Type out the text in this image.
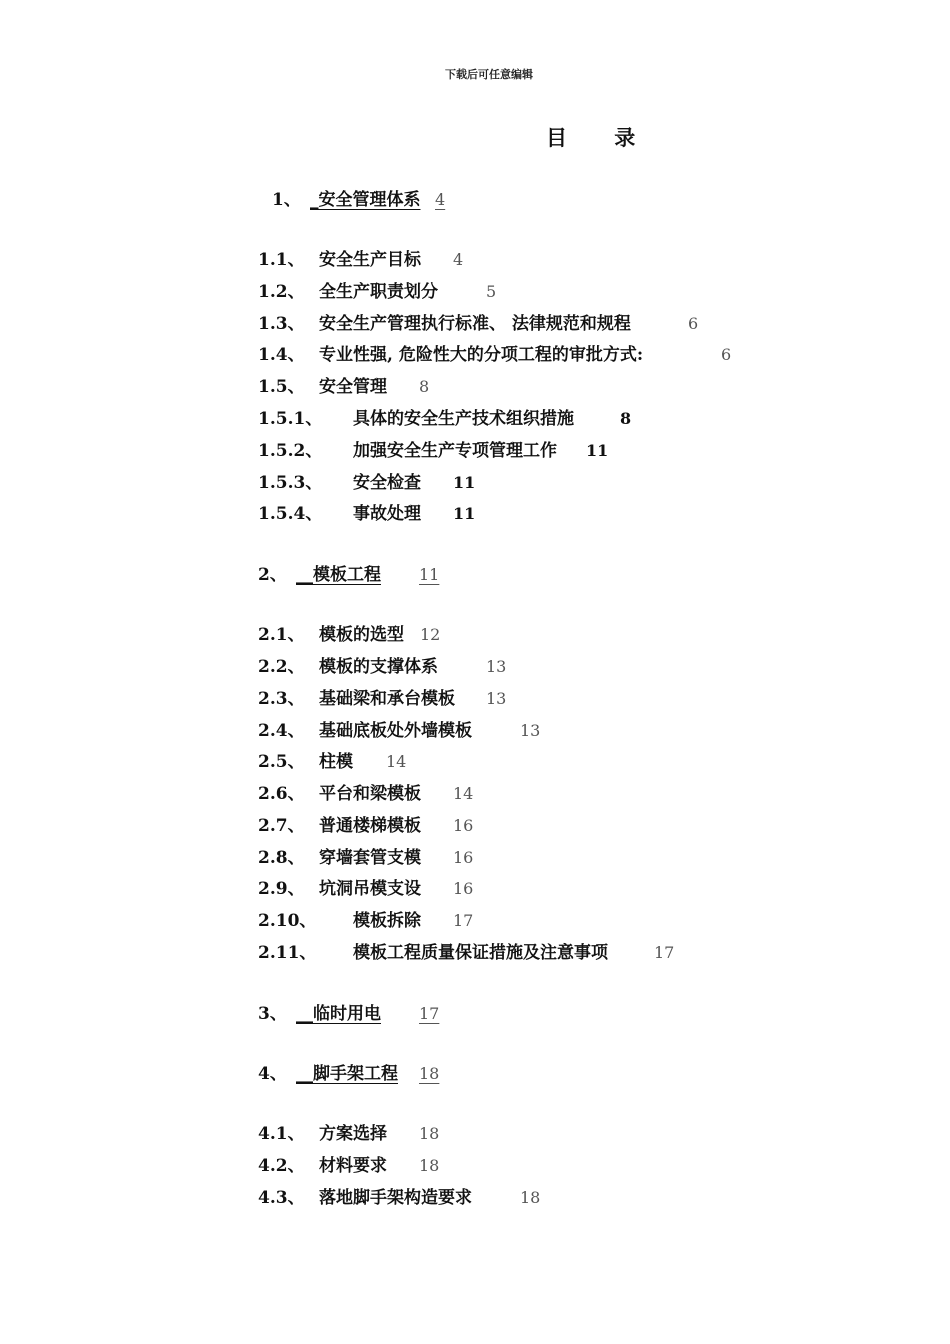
下载后可任意编辑
目 录
1、 _安全管理体系 4
1.1、 安全生产目标 4
1.2、 全生产职责划分	5
1.3、 安全生产管理执行标准、 法律规范和规程	6
1.4、 专业性强, 危险性大的分项工程的审批方式:	6
1.5、 安全管理 8
1.5.1、 具体的安全生产技术组织措施	8
1.5.2、 加强安全生产专项管理工作 11
1.5.3、 安全检查 11
1.5.4、 事故处理 11
2、 __模板工程	11
2.1、 模板的选型 12
2.2、 模板的支撑体系	13
2.3、 基础梁和承台模板 13
2.4、 基础底板处外墙模板	13
2.5、 柱模 14
2.6、 平台和梁模板 14
2.7、 普通楼梯模板 16
2.8、 穿墙套管支模 16
2.9、 坑洞吊模支设 16
2.10、 模板拆除 17
2.11、 模板工程质量保证措施及注意事项	17
3、 __临时用电	17
4、 __脚手架工程 18
4.1、 方案选择 18
4.2、 材料要求 18
4.3、 落地脚手架构造要求	18
